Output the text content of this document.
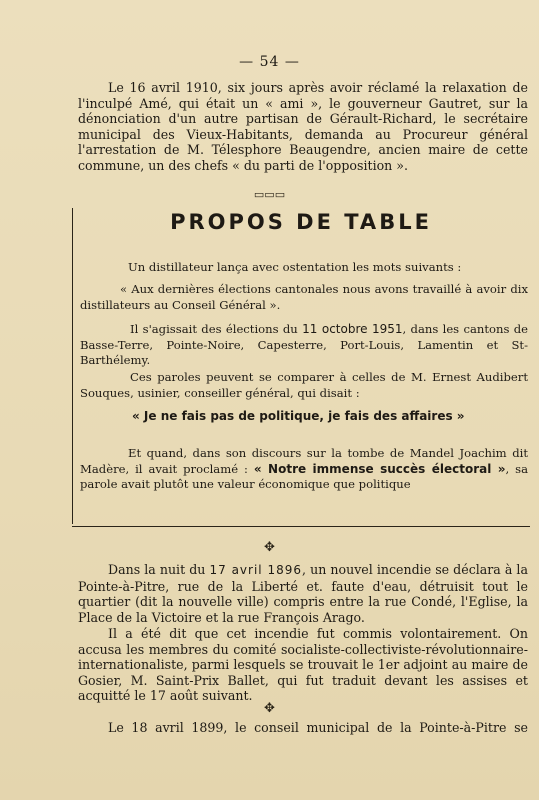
— 54 —

Le 16 avril 1910, six jours après avoir réclamé la relaxation de l'inculpé Amé, qui était un « ami », le gouverneur Gautret, sur la dénonciation d'un autre partisan de Gérault-Richard, le secrétaire municipal des Vieux-Habitants, demanda au Procureur général l'arrestation de M. Télesphore Beaugendre, ancien maire de cette commune, un des chefs « du parti de l'opposition ».

▭▭▭
PROPOS DE TABLE

Un distillateur lança avec ostentation les mots suivants :

« Aux dernières élections cantonales nous avons travaillé à avoir dix distillateurs au Conseil Général ».

Il s'agissait des élections du 11 octobre 1951, dans les cantons de Basse-Terre, Pointe-Noire, Capesterre, Port-Louis, Lamentin et St-Barthélemy.

Ces paroles peuvent se comparer à celles de M. Ernest Audibert Souques, usinier, conseiller général, qui disait :

« Je ne fais pas de politique, je fais des affaires »

Et quand, dans son discours sur la tombe de Mandel Joachim dit Madère, il avait proclamé : « Notre immense succès électoral », sa parole avait plutôt une valeur économique que politique

✥

Dans la nuit du 17 avril 1896, un nouvel incendie se déclara à la Pointe-à-Pitre, rue de la Liberté et. faute d'eau, détruisit tout le quartier (dit la nouvelle ville) compris entre la rue Condé, l'Eglise, la Place de la Victoire et la rue François Arago.

Il a été dit que cet incendie fut commis volontairement. On accusa les membres du comité socialiste-collectiviste-révolutionnaire-internationaliste, parmi lesquels se trouvait le 1er adjoint au maire de Gosier, M. Saint-Prix Ballet, qui fut traduit devant les assises et acquitté le 17 août suivant.

✥

Le 18 avril 1899, le conseil municipal de la Pointe-à-Pitre se
